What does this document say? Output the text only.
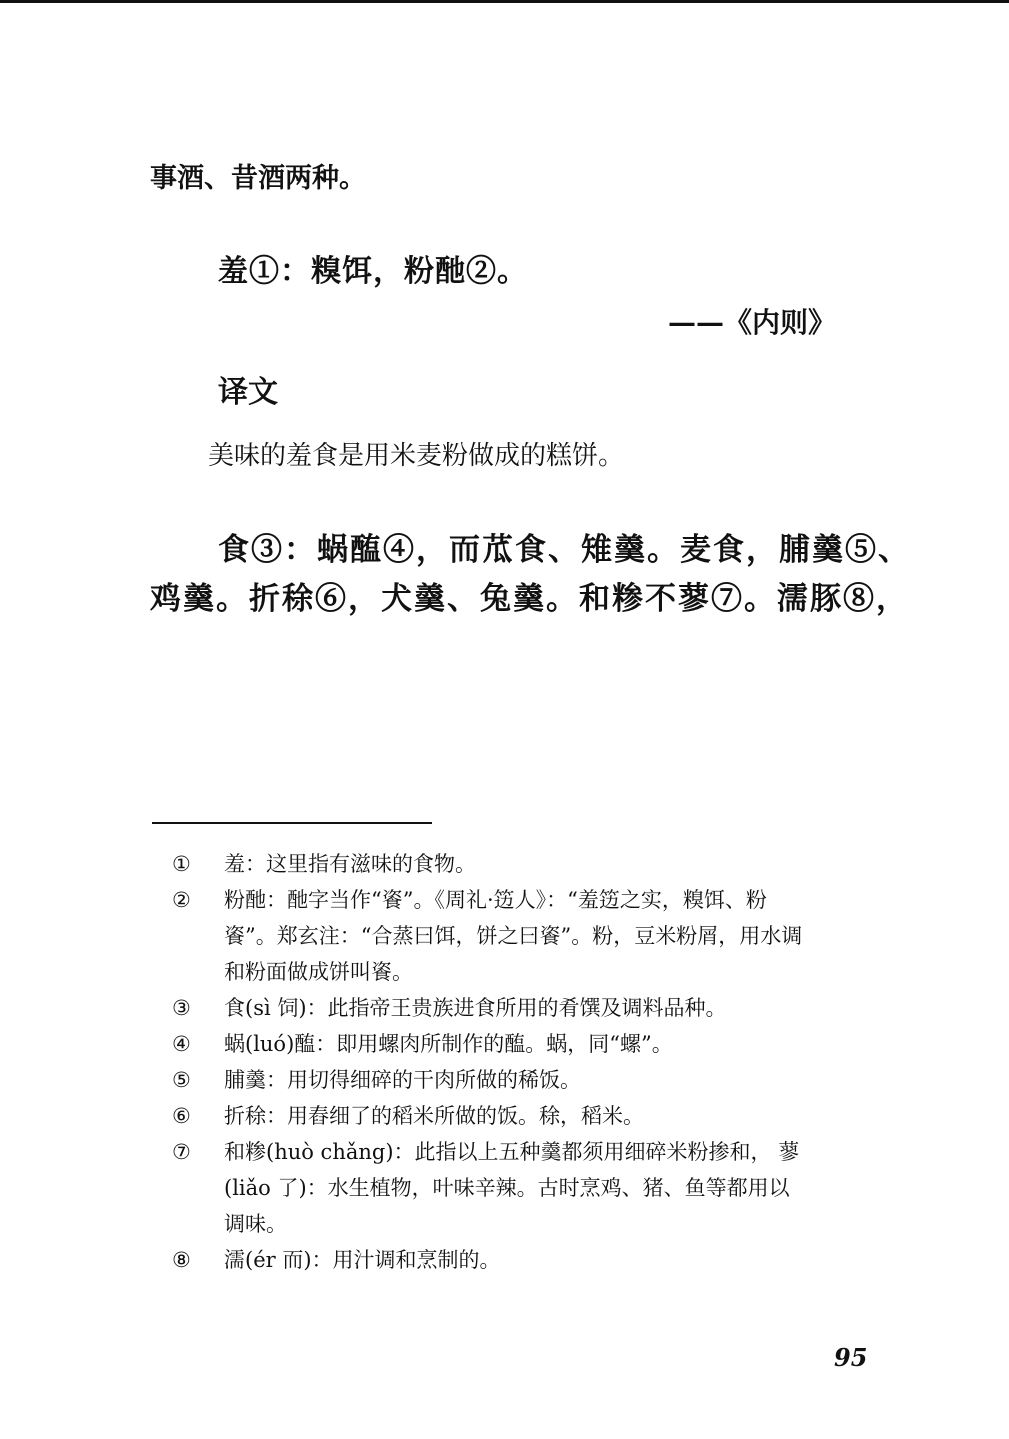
事酒、昔酒两种。
羞①：糗饵，粉酏②。
——《内则》
译文
美味的羞食是用米麦粉做成的糕饼。
食③：蜗醢④，而苽食、雉羹。麦食，脯羹⑤、
鸡羹。折稌⑥，犬羹、兔羹。和糁不蓼⑦。濡豚⑧，
①	羞：这里指有滋味的食物。
②	粉酏：酏字当作“餈”。《周礼·笾人》：“羞笾之实，糗饵、粉
餈”。郑玄注：“合蒸曰饵，饼之曰餈”。粉，豆米粉屑，用水调
和粉面做成饼叫餈。
③	食(sì 饲)：此指帝王贵族进食所用的肴馔及调料品种。
④	蜗(luó)醢：即用螺肉所制作的醢。蜗，同“螺”。
⑤	脯羹：用切得细碎的干肉所做的稀饭。
⑥	折稌：用舂细了的稻米所做的饭。稌，稻米。
⑦	和糁(huò chǎng)：此指以上五种羹都须用细碎米粉掺和， 蓼
(liǎo 了)：水生植物，叶味辛辣。古时烹鸡、猪、鱼等都用以
调味。
⑧	濡(ér 而)：用汁调和烹制的。
95
